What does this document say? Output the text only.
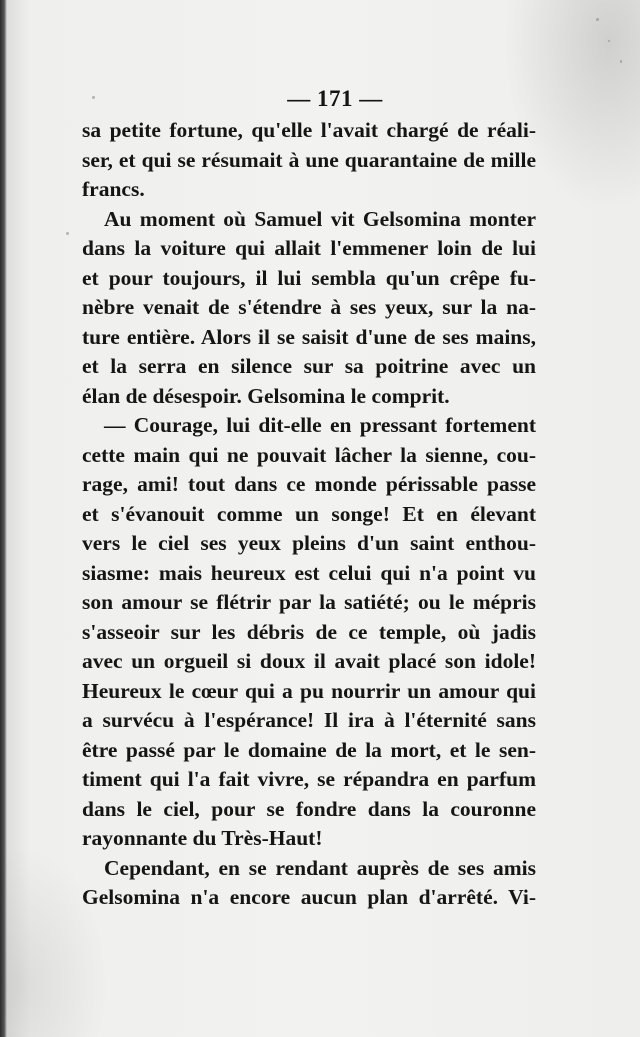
— 171 —
sa petite fortune, qu'elle l'avait chargé de réali-
ser, et qui se résumait à une quarantaine de mille
francs.
Au moment où Samuel vit Gelsomina monter
dans la voiture qui allait l'emmener loin de lui
et pour toujours, il lui sembla qu'un crêpe fu-
nèbre venait de s'étendre à ses yeux, sur la na-
ture entière. Alors il se saisit d'une de ses mains,
et la serra en silence sur sa poitrine avec un
élan de désespoir. Gelsomina le comprit.
— Courage, lui dit-elle en pressant fortement
cette main qui ne pouvait lâcher la sienne, cou-
rage, ami! tout dans ce monde périssable passe
et s'évanouit comme un songe! Et en élevant
vers le ciel ses yeux pleins d'un saint enthou-
siasme: mais heureux est celui qui n'a point vu
son amour se flétrir par la satiété; ou le mépris
s'asseoir sur les débris de ce temple, où jadis
avec un orgueil si doux il avait placé son idole!
Heureux le cœur qui a pu nourrir un amour qui
a survécu à l'espérance! Il ira à l'éternité sans
être passé par le domaine de la mort, et le sen-
timent qui l'a fait vivre, se répandra en parfum
dans le ciel, pour se fondre dans la couronne
rayonnante du Très-Haut!
Cependant, en se rendant auprès de ses amis
Gelsomina n'a encore aucun plan d'arrêté. Vi-
